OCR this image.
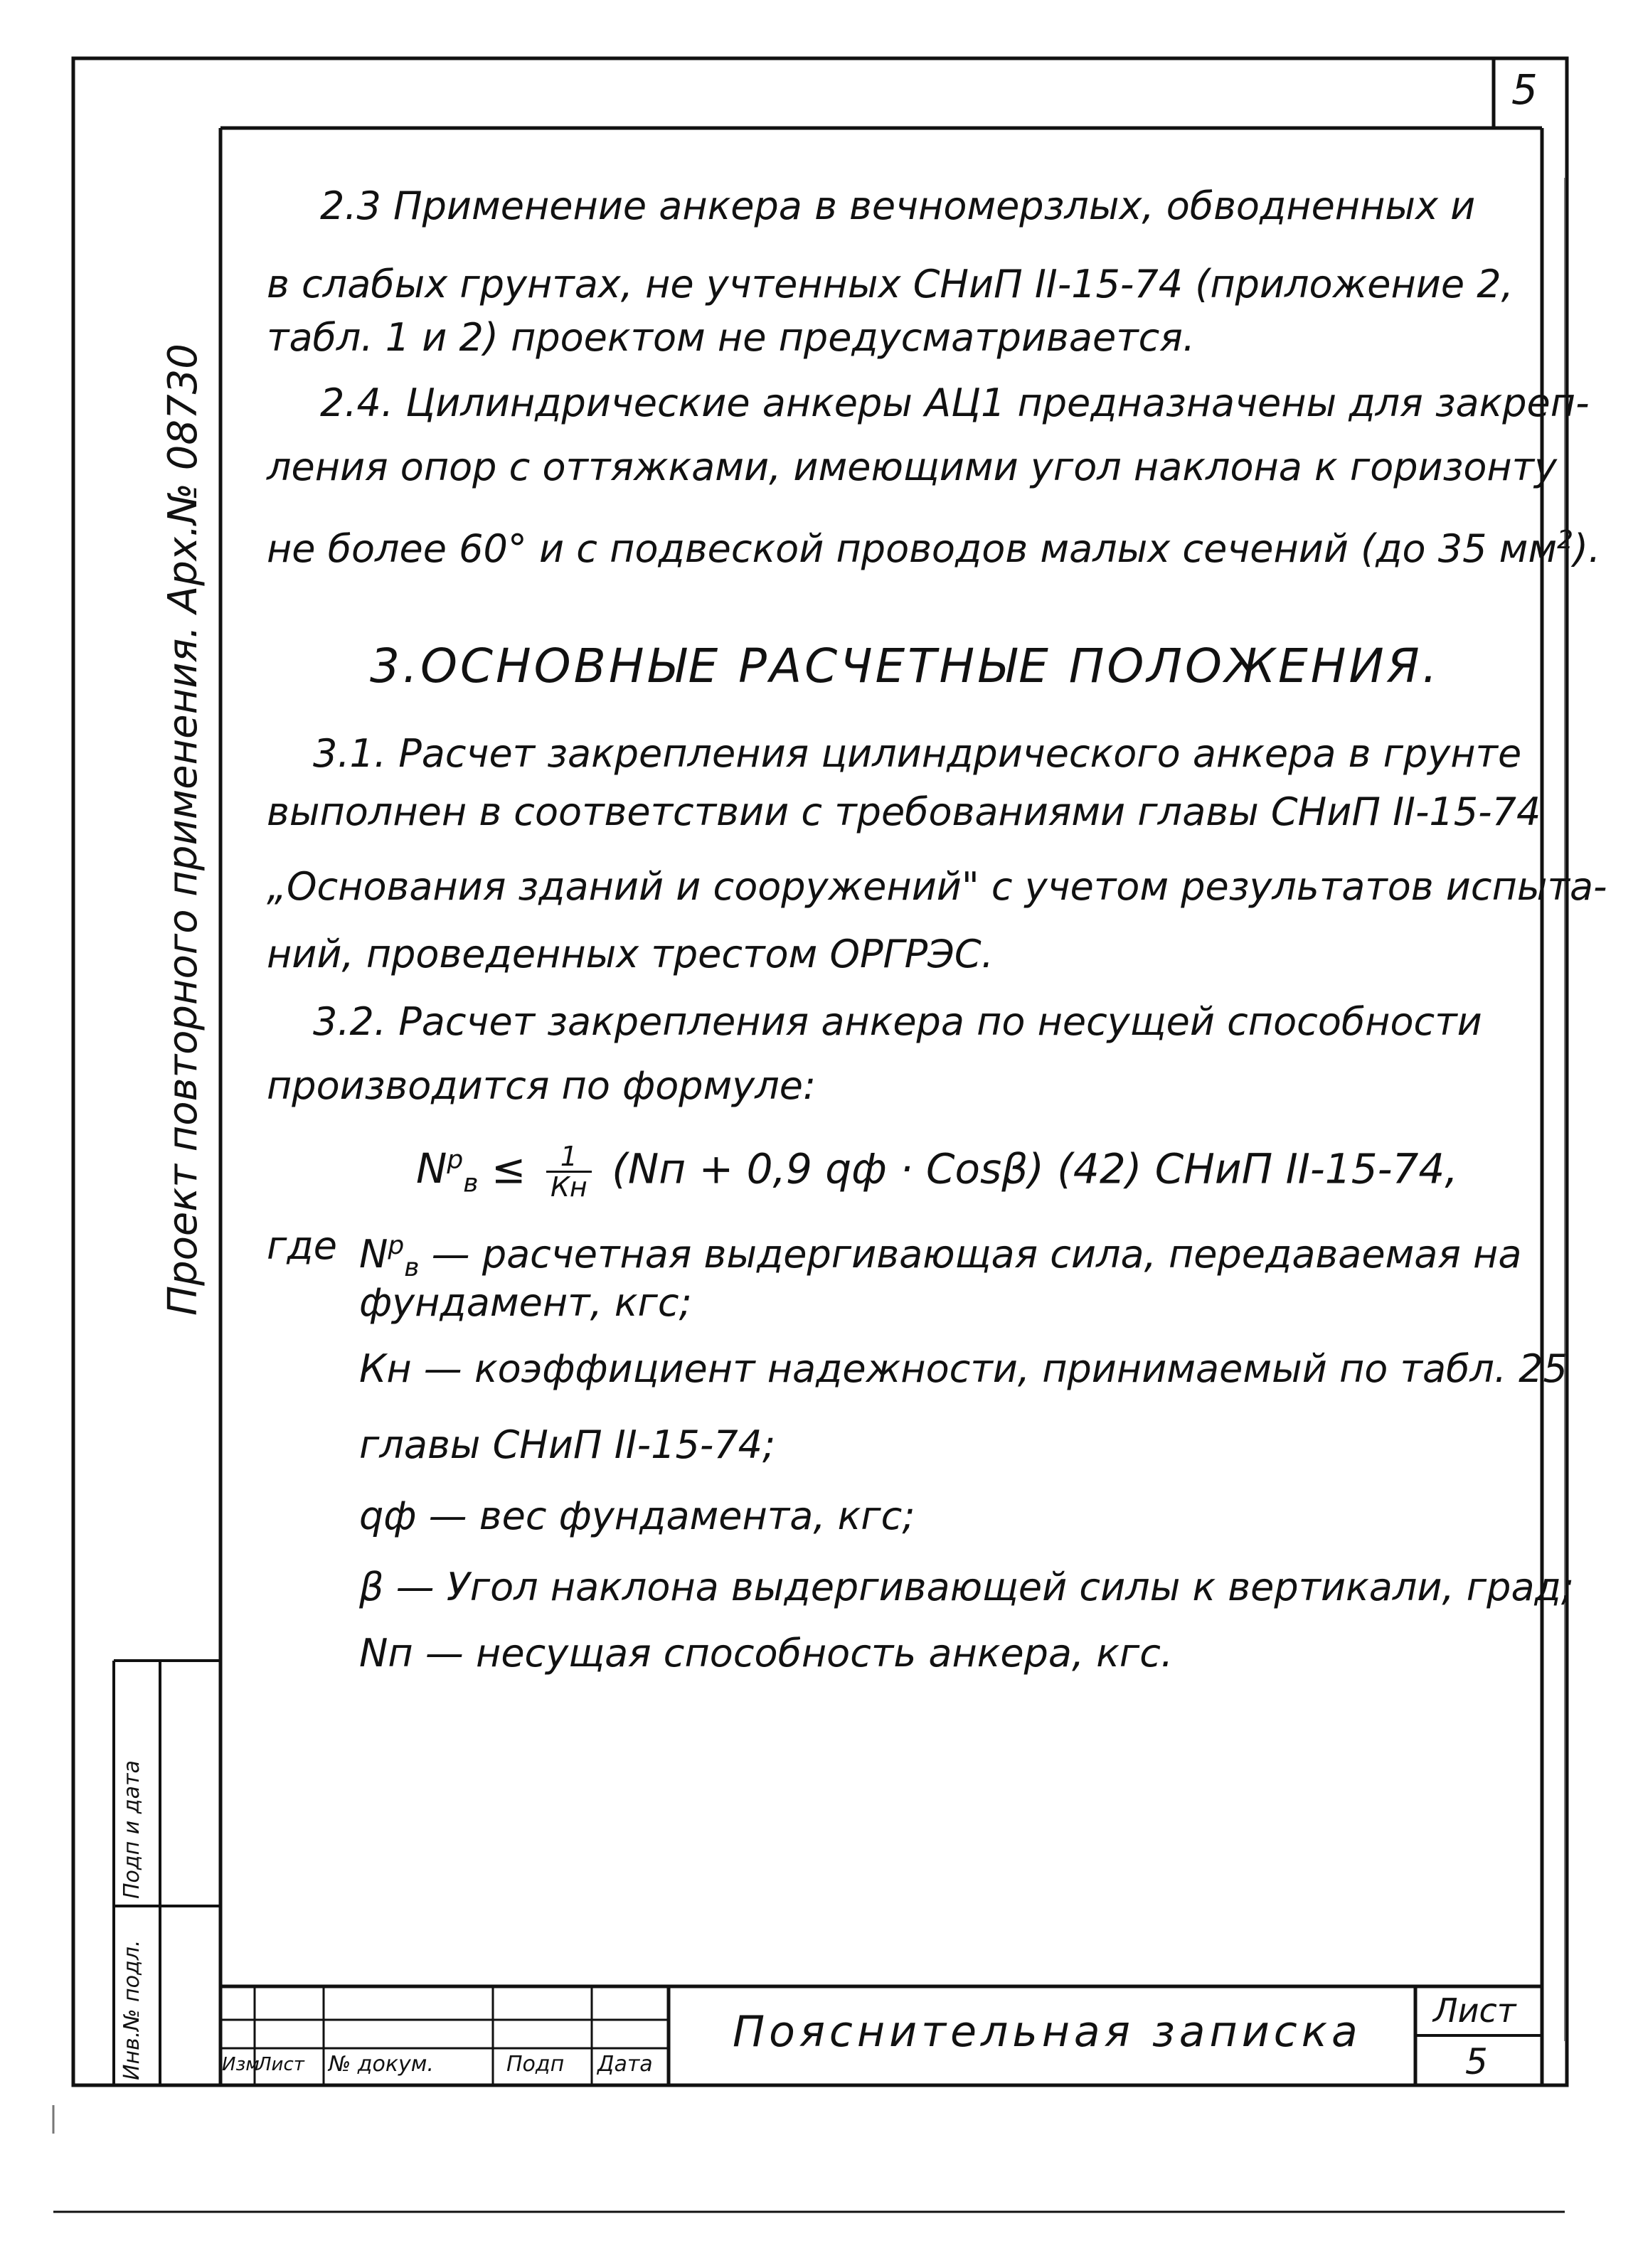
5
Проект повторного применения. Арх.№ 08730
Инв.№ подл.
Подп и дата
2.3 Применение анкера в вечномерзлых, обводненных и
в слабых грунтах, не учтенных СНиП II-15-74 (приложение 2,
табл. 1 и 2) проектом не предусматривается.
2.4. Цилиндрические анкеры АЦ1 предназначены для закреп-
ления опор с оттяжками, имеющими угол наклона к горизонту
не более 60° и с подвеской проводов малых сечений (до 35 $мм^2$).
3.ОСНОВНЫЕ РАСЧЕТНЫЕ ПОЛОЖЕНИЯ.
3.1. Расчет закрепления цилиндрического анкера в грунте
выполнен в соответствии с требованиями главы СНиП II-15-74
„Основания зданий и сооружений" с учетом результатов испыта-
ний, проведенных трестом ОРГРЭС.
3.2. Расчет закрепления анкера по несущей способности
производится по формуле:
$N^р_в \le \frac{1}{Кн} (Nп + 0,9$ qф · Cosβ) (42) СНиП II-15-74,
где $N^р_в$ — расчетная выдергивающая сила, передаваемая на
фундамент, кгс;
Кн — коэффициент надежности, принимаемый по табл. 25
главы СНиП II-15-74;
qф — вес фундамента, кгс;
β — Угол наклона выдергивающей силы к вертикали, град;
Nп — несущая способность анкера, кгс.
Пояснительная записка Лист
5
Изм
Лист № докум.	Подп Дата
